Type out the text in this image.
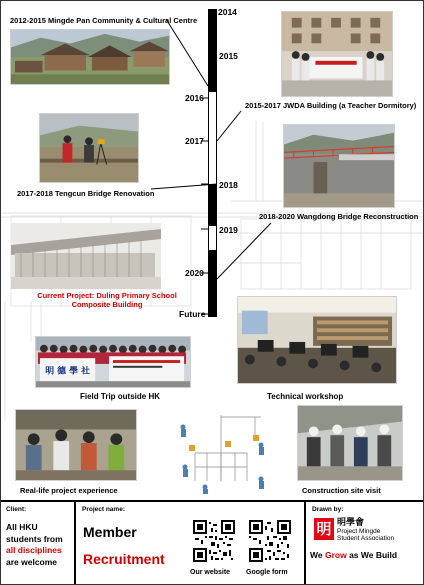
2014
2015
2016
2017
2018
2019
2020
Future
2012-2015 Mingde Pan Community & Cultural Centre
2015-2017 JWDA Building (a Teacher Dormitory)
2017-2018 Tengcun Bridge Renovation
2018-2020 Wangdong Bridge Reconstruction
Current Project: Duling Primary School Composite Building
明 德 學 社
Field Trip outside HK	Technical workshop
Real-life project experience	Construction site visit
Client:
All HKU
students from
all disciplines
are welcome
Project name:
Member
Recruitment
Our website Google form
Drawn by:
明 明學會
Project Mingde
Student Association
We Grow as We Build
